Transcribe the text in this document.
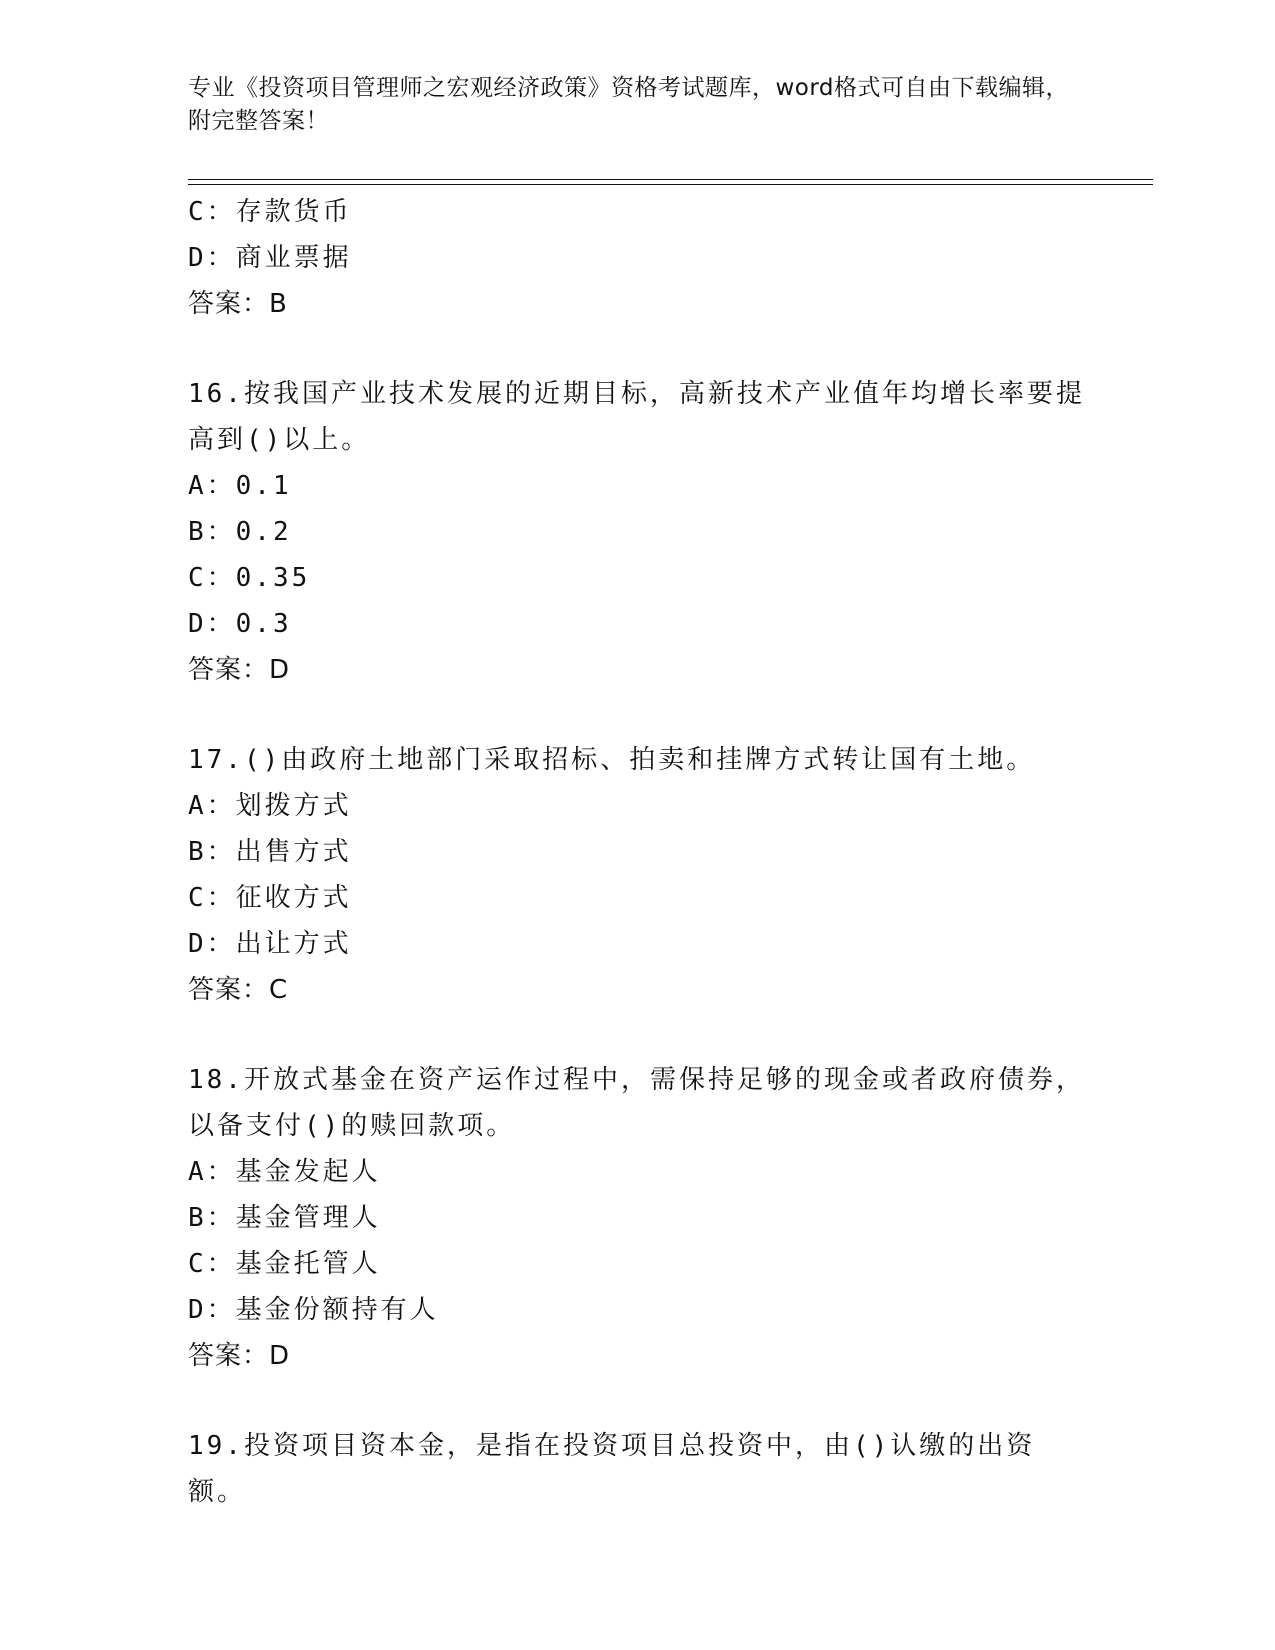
专业《投资项目管理师之宏观经济政策》资格考试题库，word格式可自由下载编辑，附完整答案！
C：存款货币
D：商业票据
答案：B
16.按我国产业技术发展的近期目标，高新技术产业值年均增长率要提高到()以上。
A：0.1
B：0.2
C：0.35
D：0.3
答案：D
17.()由政府土地部门采取招标、拍卖和挂牌方式转让国有土地。
A：划拨方式
B：出售方式
C：征收方式
D：出让方式
答案：C
18.开放式基金在资产运作过程中，需保持足够的现金或者政府债券，以备支付()的赎回款项。
A：基金发起人
B：基金管理人
C：基金托管人
D：基金份额持有人
答案：D
19.投资项目资本金，是指在投资项目总投资中，由()认缴的出资额。
